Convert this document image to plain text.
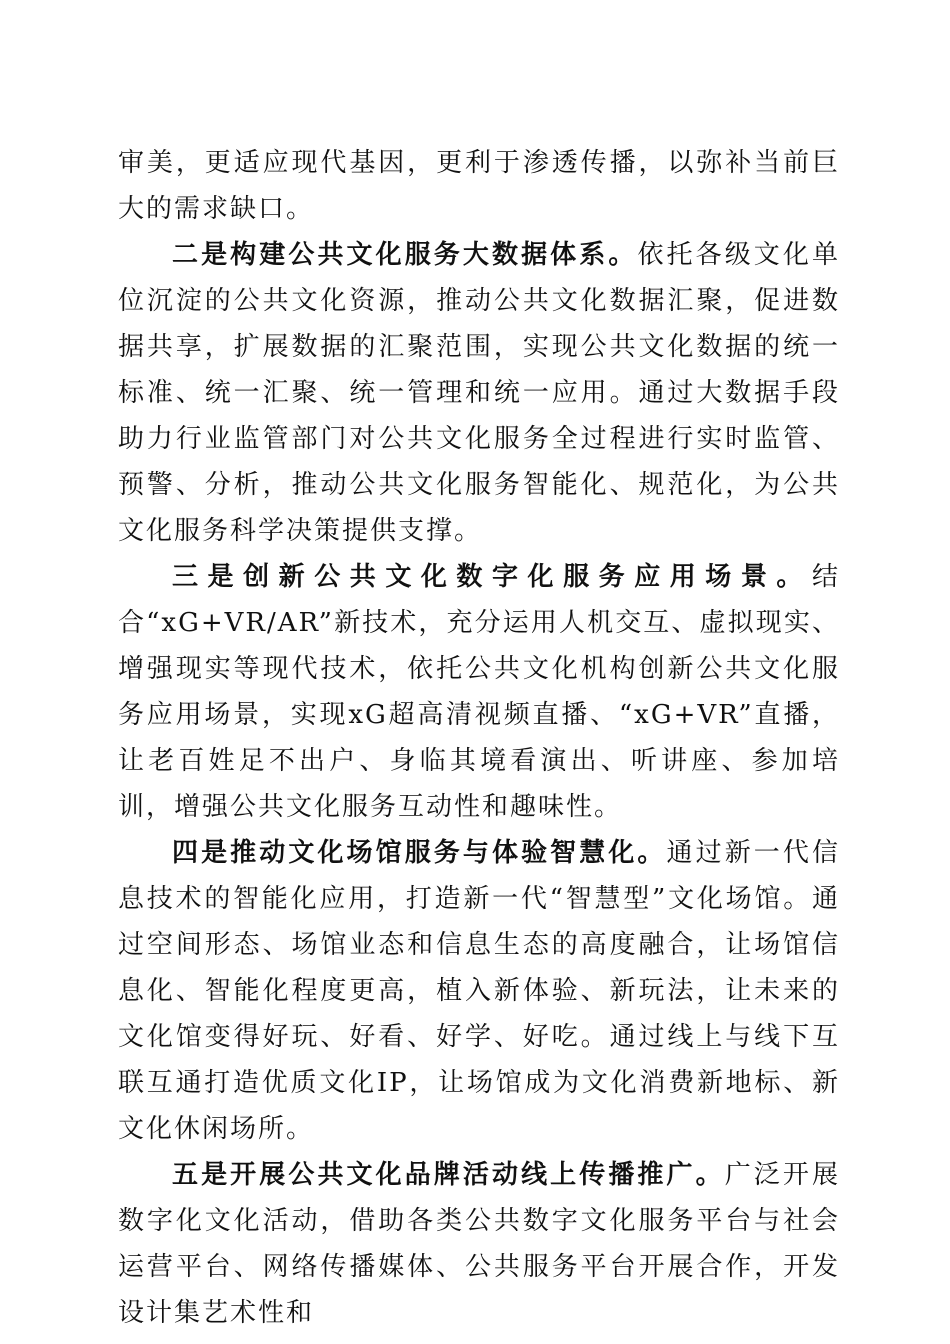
审美，更适应现代基因，更利于渗透传播，以弥补当前巨大的需求缺口。

二是构建公共文化服务大数据体系。依托各级文化单位沉淀的公共文化资源，推动公共文化数据汇聚，促进数据共享，扩展数据的汇聚范围，实现公共文化数据的统一标准、统一汇聚、统一管理和统一应用。通过大数据手段助力行业监管部门对公共文化服务全过程进行实时监管、预警、分析，推动公共文化服务智能化、规范化，为公共文化服务科学决策提供支撑。

三是创新公共文化数字化服务应用场景。结合“xG+VR/AR”新技术，充分运用人机交互、虚拟现实、增强现实等现代技术，依托公共文化机构创新公共文化服务应用场景，实现xG超高清视频直播、“xG+VR”直播，让老百姓足不出户、身临其境看演出、听讲座、参加培训，增强公共文化服务互动性和趣味性。

四是推动文化场馆服务与体验智慧化。通过新一代信息技术的智能化应用，打造新一代“智慧型”文化场馆。通过空间形态、场馆业态和信息生态的高度融合，让场馆信息化、智能化程度更高，植入新体验、新玩法，让未来的文化馆变得好玩、好看、好学、好吃。通过线上与线下互联互通打造优质文化IP，让场馆成为文化消费新地标、新文化休闲场所。

五是开展公共文化品牌活动线上传播推广。广泛开展数字化文化活动，借助各类公共数字文化服务平台与社会运营平台、网络传播媒体、公共服务平台开展合作，开发设计集艺术性和
